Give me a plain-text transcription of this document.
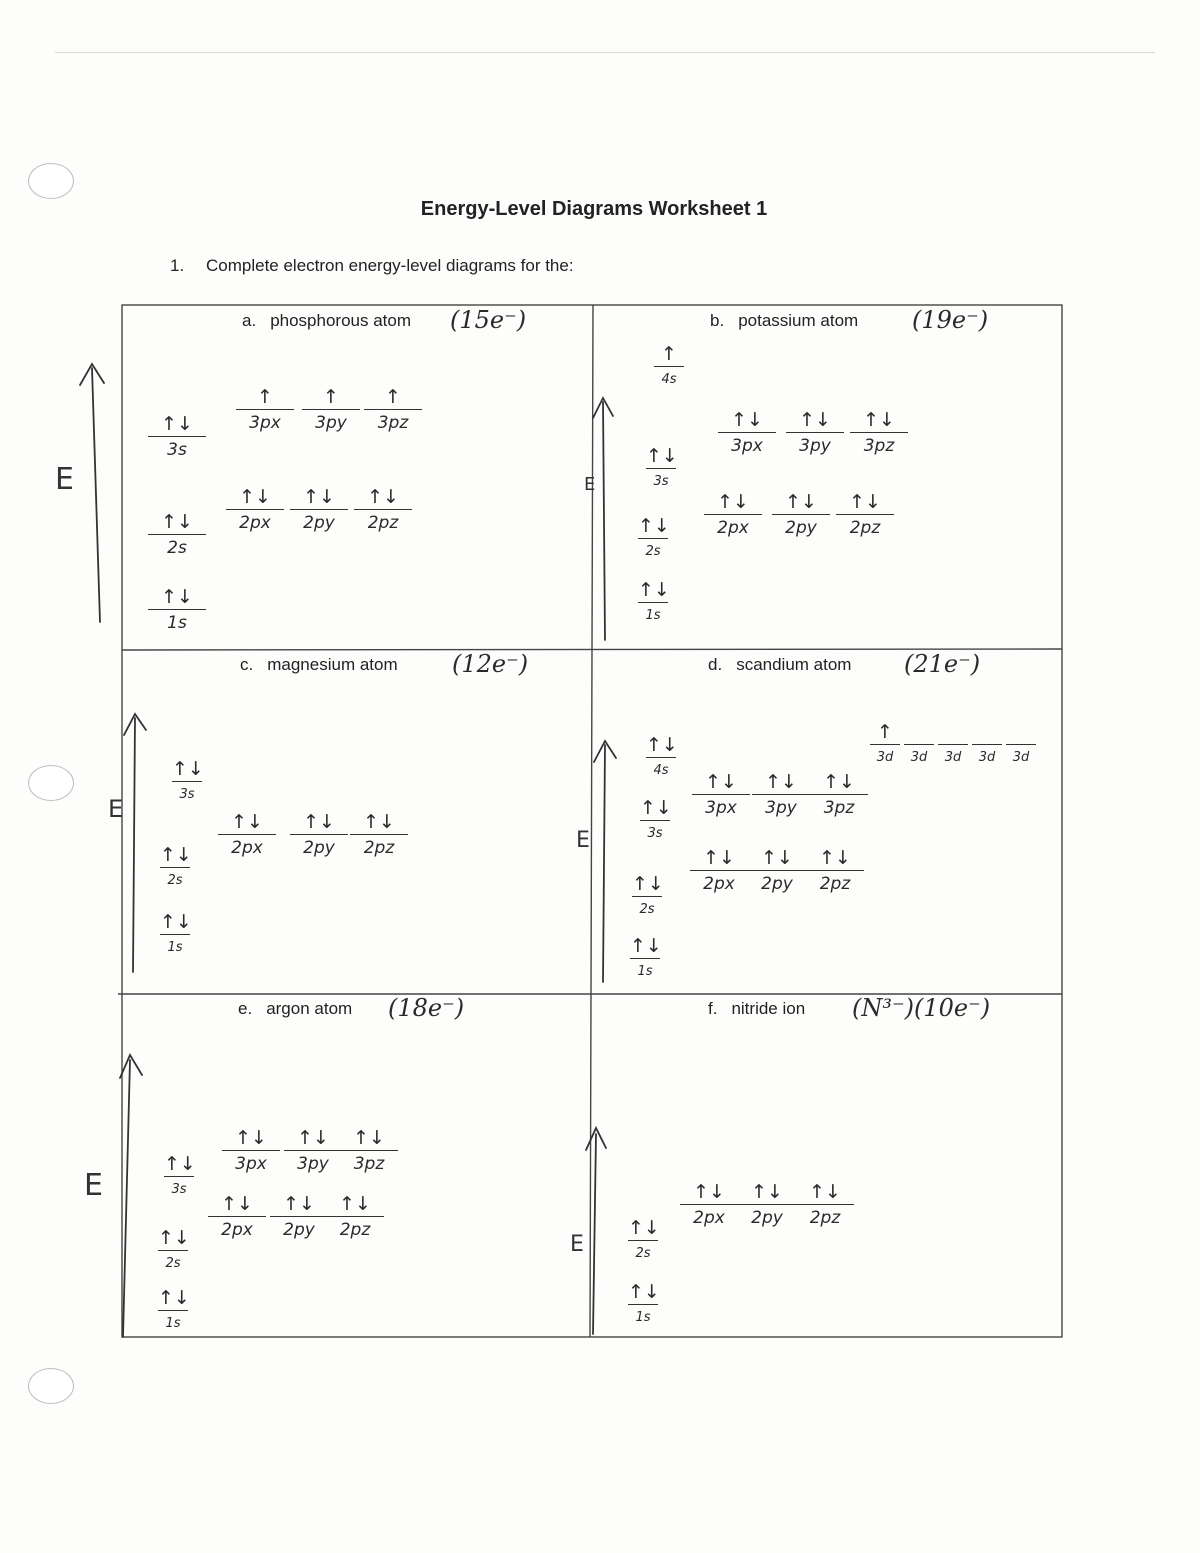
Energy-Level Diagrams Worksheet 1
1. Complete electron energy-level diagrams for the:
E	E
E
E
E
E
a. phosphorous atom (15e⁻)
↑↓
1s
↑↓
2s
↑↓
3s
↑↓
2px
↑↓
2py
↑↓
2pz
↑
3px
↑
3py
↑
3pz
b. potassium atom (19e⁻)
↑
4s
↑↓
3s
↑↓
2s
↑↓
1s
↑↓
3px
↑↓
3py
↑↓
3pz
↑↓
2px
↑↓
2py
↑↓
2pz
c. magnesium atom (12e⁻)
↑↓
3s
↑↓
2s
↑↓
1s
↑↓
2px
↑↓
2py
↑↓
2pz
d. scandium atom (21e⁻)
↑↓
4s
↑↓
3s
↑↓
2s
↑↓
1s
↑↓
3px
↑↓
3py
↑↓
3pz
↑↓
2px
↑↓
2py
↑↓
2pz
↑
3d	3d	3d	3d	3d
e. argon atom (18e⁻)
↑↓
3s
↑↓
2s
↑↓
1s
↑↓
3px
↑↓
3py
↑↓
3pz
↑↓
2px
↑↓
2py
↑↓
2pz
f. nitride ion (N³⁻)(10e⁻)
↑↓
2s
↑↓
1s
↑↓
2px
↑↓
2py
↑↓
2pz
